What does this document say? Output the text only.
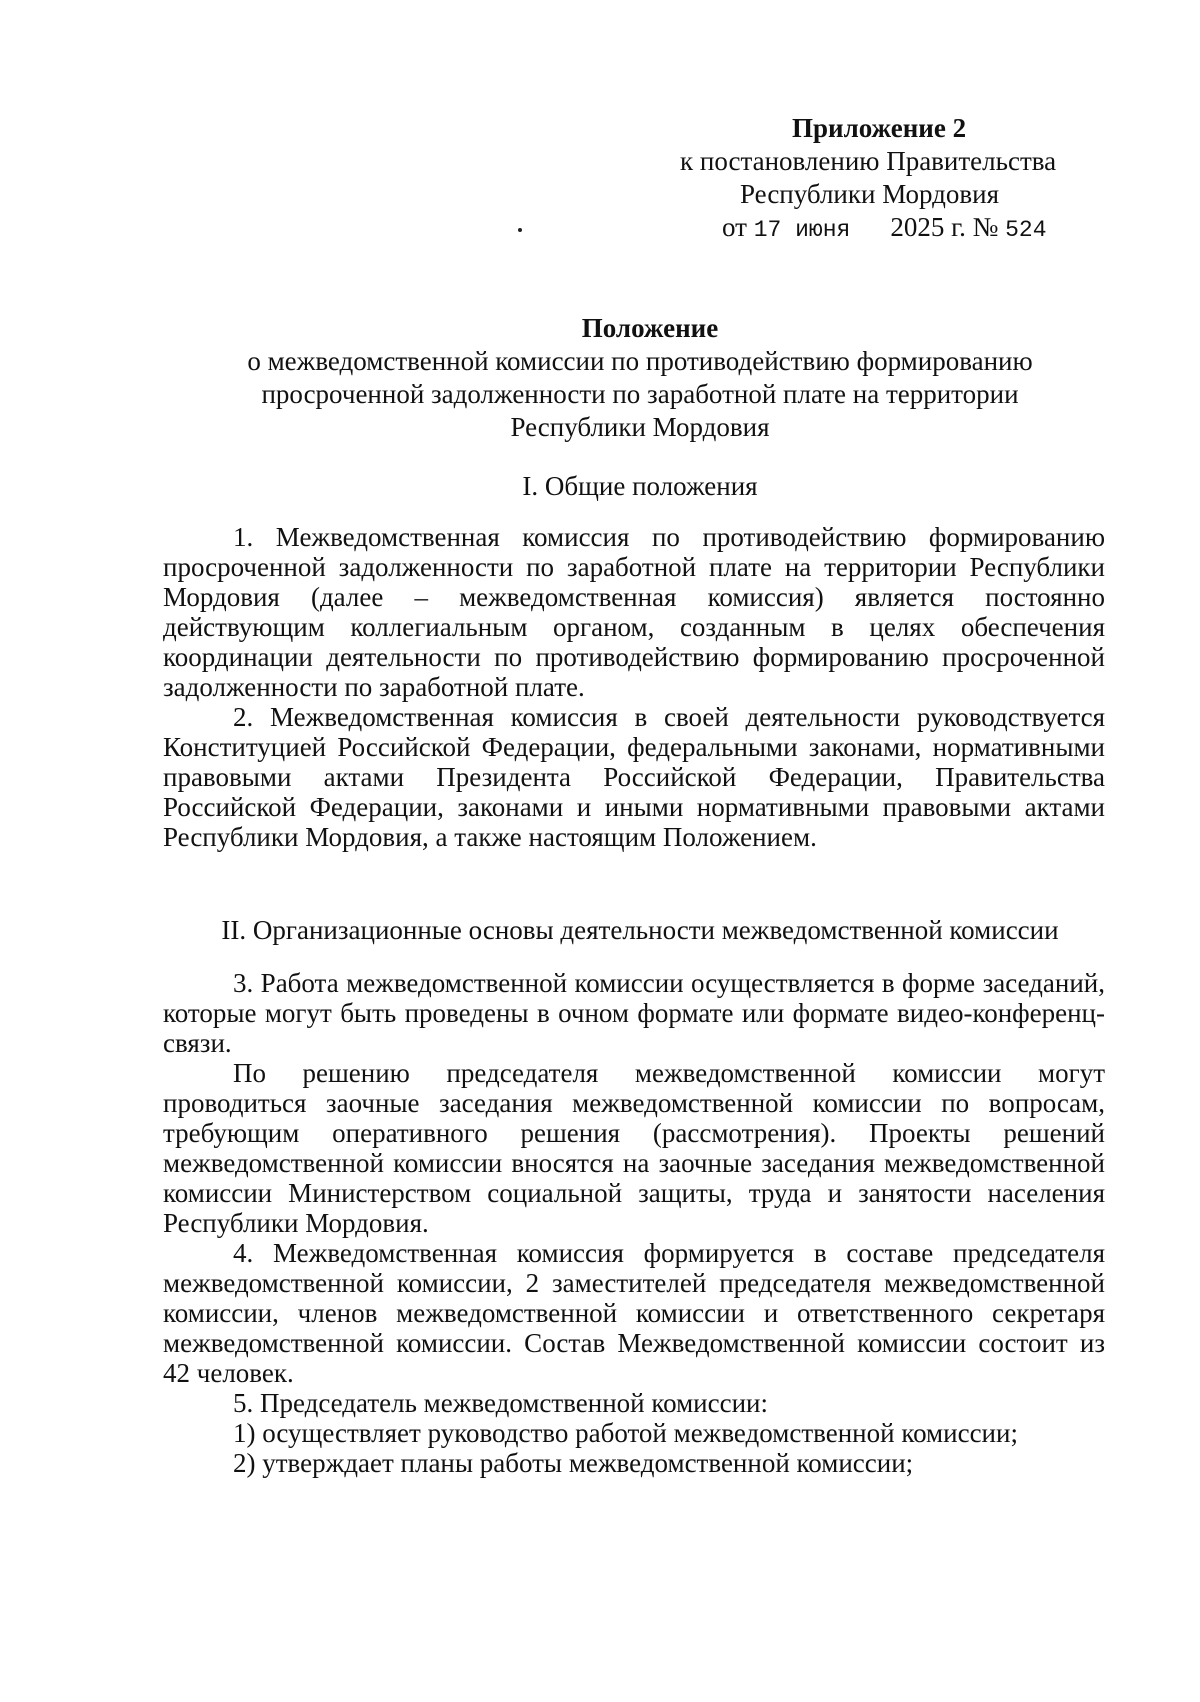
Приложение 2
к постановлению Правительства
Республики Мордовия
от 17 июня 2025 г. № 524
Положение
о межведомственной комиссии по противодействию формированию
просроченной задолженности по заработной плате на территории
Республики Мордовия
I. Общие положения

1. Межведомственная комиссия по противодействию формированию просроченной задолженности по заработной плате на территории Республики Мордовия (далее – межведомственная комиссия) является постоянно действующим коллегиальным органом, созданным в целях обеспечения координации деятельности по противодействию формированию просроченной задолженности по заработной плате.

2. Межведомственная комиссия в своей деятельности руководствуется Конституцией Российской Федерации, федеральными законами, нормативными правовыми актами Президента Российской Федерации, Правительства Российской Федерации, законами и иными нормативными правовыми актами Республики Мордовия, а также настоящим Положением.

II. Организационные основы деятельности межведомственной комиссии

3. Работа межведомственной комиссии осуществляется в форме заседаний, которые могут быть проведены в очном формате или формате видео-конференц-связи.

По решению председателя межведомственной комиссии могут проводиться заочные заседания межведомственной комиссии по вопросам, требующим оперативного решения (рассмотрения). Проекты решений межведомственной комиссии вносятся на заочные заседания межведомственной комиссии Министерством социальной защиты, труда и занятости населения Республики Мордовия.

4. Межведомственная комиссия формируется в составе председателя межведомственной комиссии, 2 заместителей председателя межведомственной комиссии, членов межведомственной комиссии и ответственного секретаря межведомственной комиссии. Состав Межведомственной комиссии состоит из 42 человек.

5. Председатель межведомственной комиссии:

1) осуществляет руководство работой межведомственной комиссии;

2) утверждает планы работы межведомственной комиссии;
